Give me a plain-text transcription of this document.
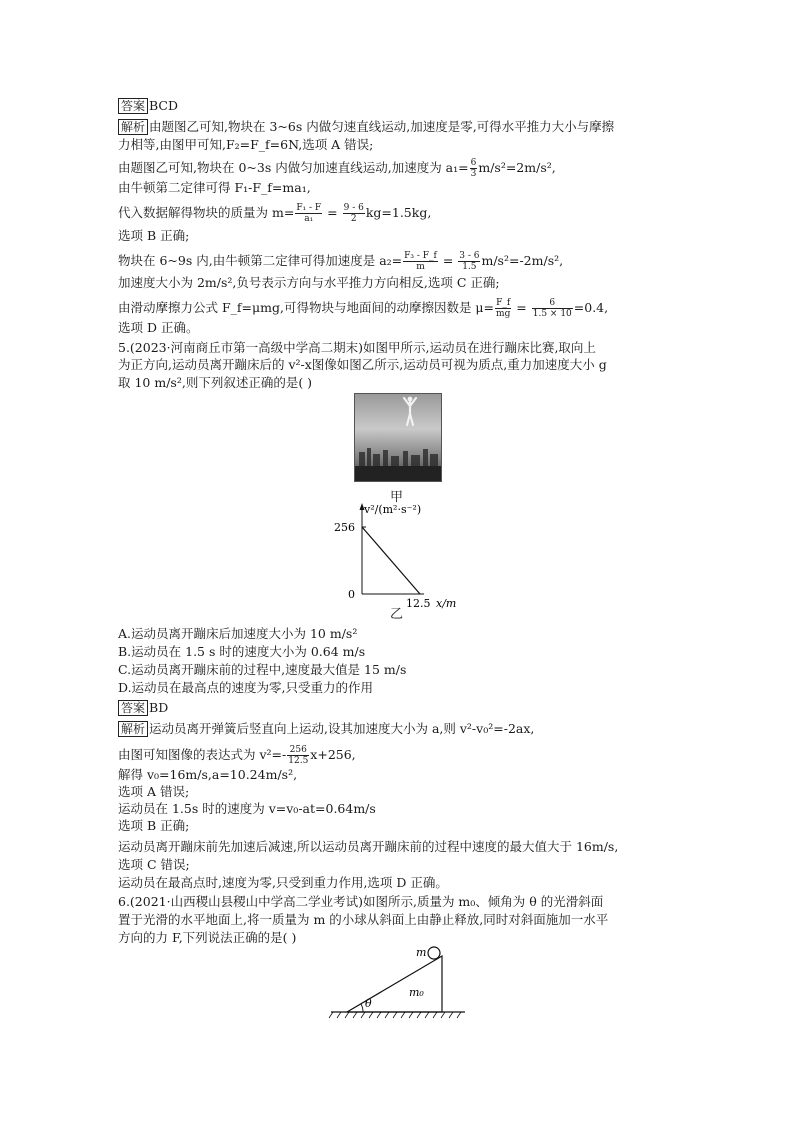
答案 BCD
解析 由题图乙可知,物块在 3~6s 内做匀速直线运动,加速度是零,可得水平推力大小与摩擦
力相等,由图甲可知,F₂=F_f=6N,选项 A 错误;
由题图乙可知,物块在 0~3s 内做匀加速直线运动,加速度为 $a_1= \frac{6}{3} m/s^2=2m/s^2$,
由牛顿第二定律可得 F₁-F_f=ma₁,
代入数据解得物块的质量为 $m= \frac{\text{F₁ - F}}{\text{a₁}} = \frac{9 - 6}{2} kg=1.5kg$,
选项 B 正确;
物块在 6~9s 内,由牛顿第二定律可得加速度是 $a_2= \frac{\text{F₃ - F\_f}}{m} = \frac{3 - 6}{1.5} m/s^2=-2m/s^2$,
加速度大小为 2m/s²,负号表示方向与水平推力方向相反,选项 C 正确;
由滑动摩擦力公式 F_f=μmg,可得物块与地面间的动摩擦因数是 $\mu= \frac{F\_f}{mg} = \frac{6}{1.5 \times 10} =0.4$,
选项 D 正确。
5.(2023·河南商丘市第一高级中学高二期末)如图甲所示,运动员在进行蹦床比赛,取向上
为正方向,运动员离开蹦床后的 v²-x图像如图乙所示,运动员可视为质点,重力加速度大小 g
取 10 m/s²,则下列叙述正确的是( )
甲
v²/(m²·s⁻²)
256
0
12.5 x/m
乙
A.运动员离开蹦床后加速度大小为 10 m/s²
B.运动员在 1.5 s 时的速度大小为 0.64 m/s
C.运动员离开蹦床前的过程中,速度最大值是 15 m/s
D.运动员在最高点的速度为零,只受重力的作用
答案 BD
解析 运动员离开弹簧后竖直向上运动,设其加速度大小为 a,则 v²-v₀²=-2ax,
由图可知图像的表达式为 $v^2=- \frac{256}{12.5} x+256$,
解得 v₀=16m/s,a=10.24m/s²,
选项 A 错误;
运动员在 1.5s 时的速度为 v=v₀-at=0.64m/s
选项 B 正确;
运动员离开蹦床前先加速后减速,所以运动员离开蹦床前的过程中速度的最大值大于 16m/s,
选项 C 错误;
运动员在最高点时,速度为零,只受到重力作用,选项 D 正确。
6.(2021·山西稷山县稷山中学高二学业考试)如图所示,质量为 m₀、倾角为 θ 的光滑斜面
置于光滑的水平地面上,将一质量为 m 的小球从斜面上由静止释放,同时对斜面施加一水平
方向的力 F,下列说法正确的是( )
θ
m
m₀
